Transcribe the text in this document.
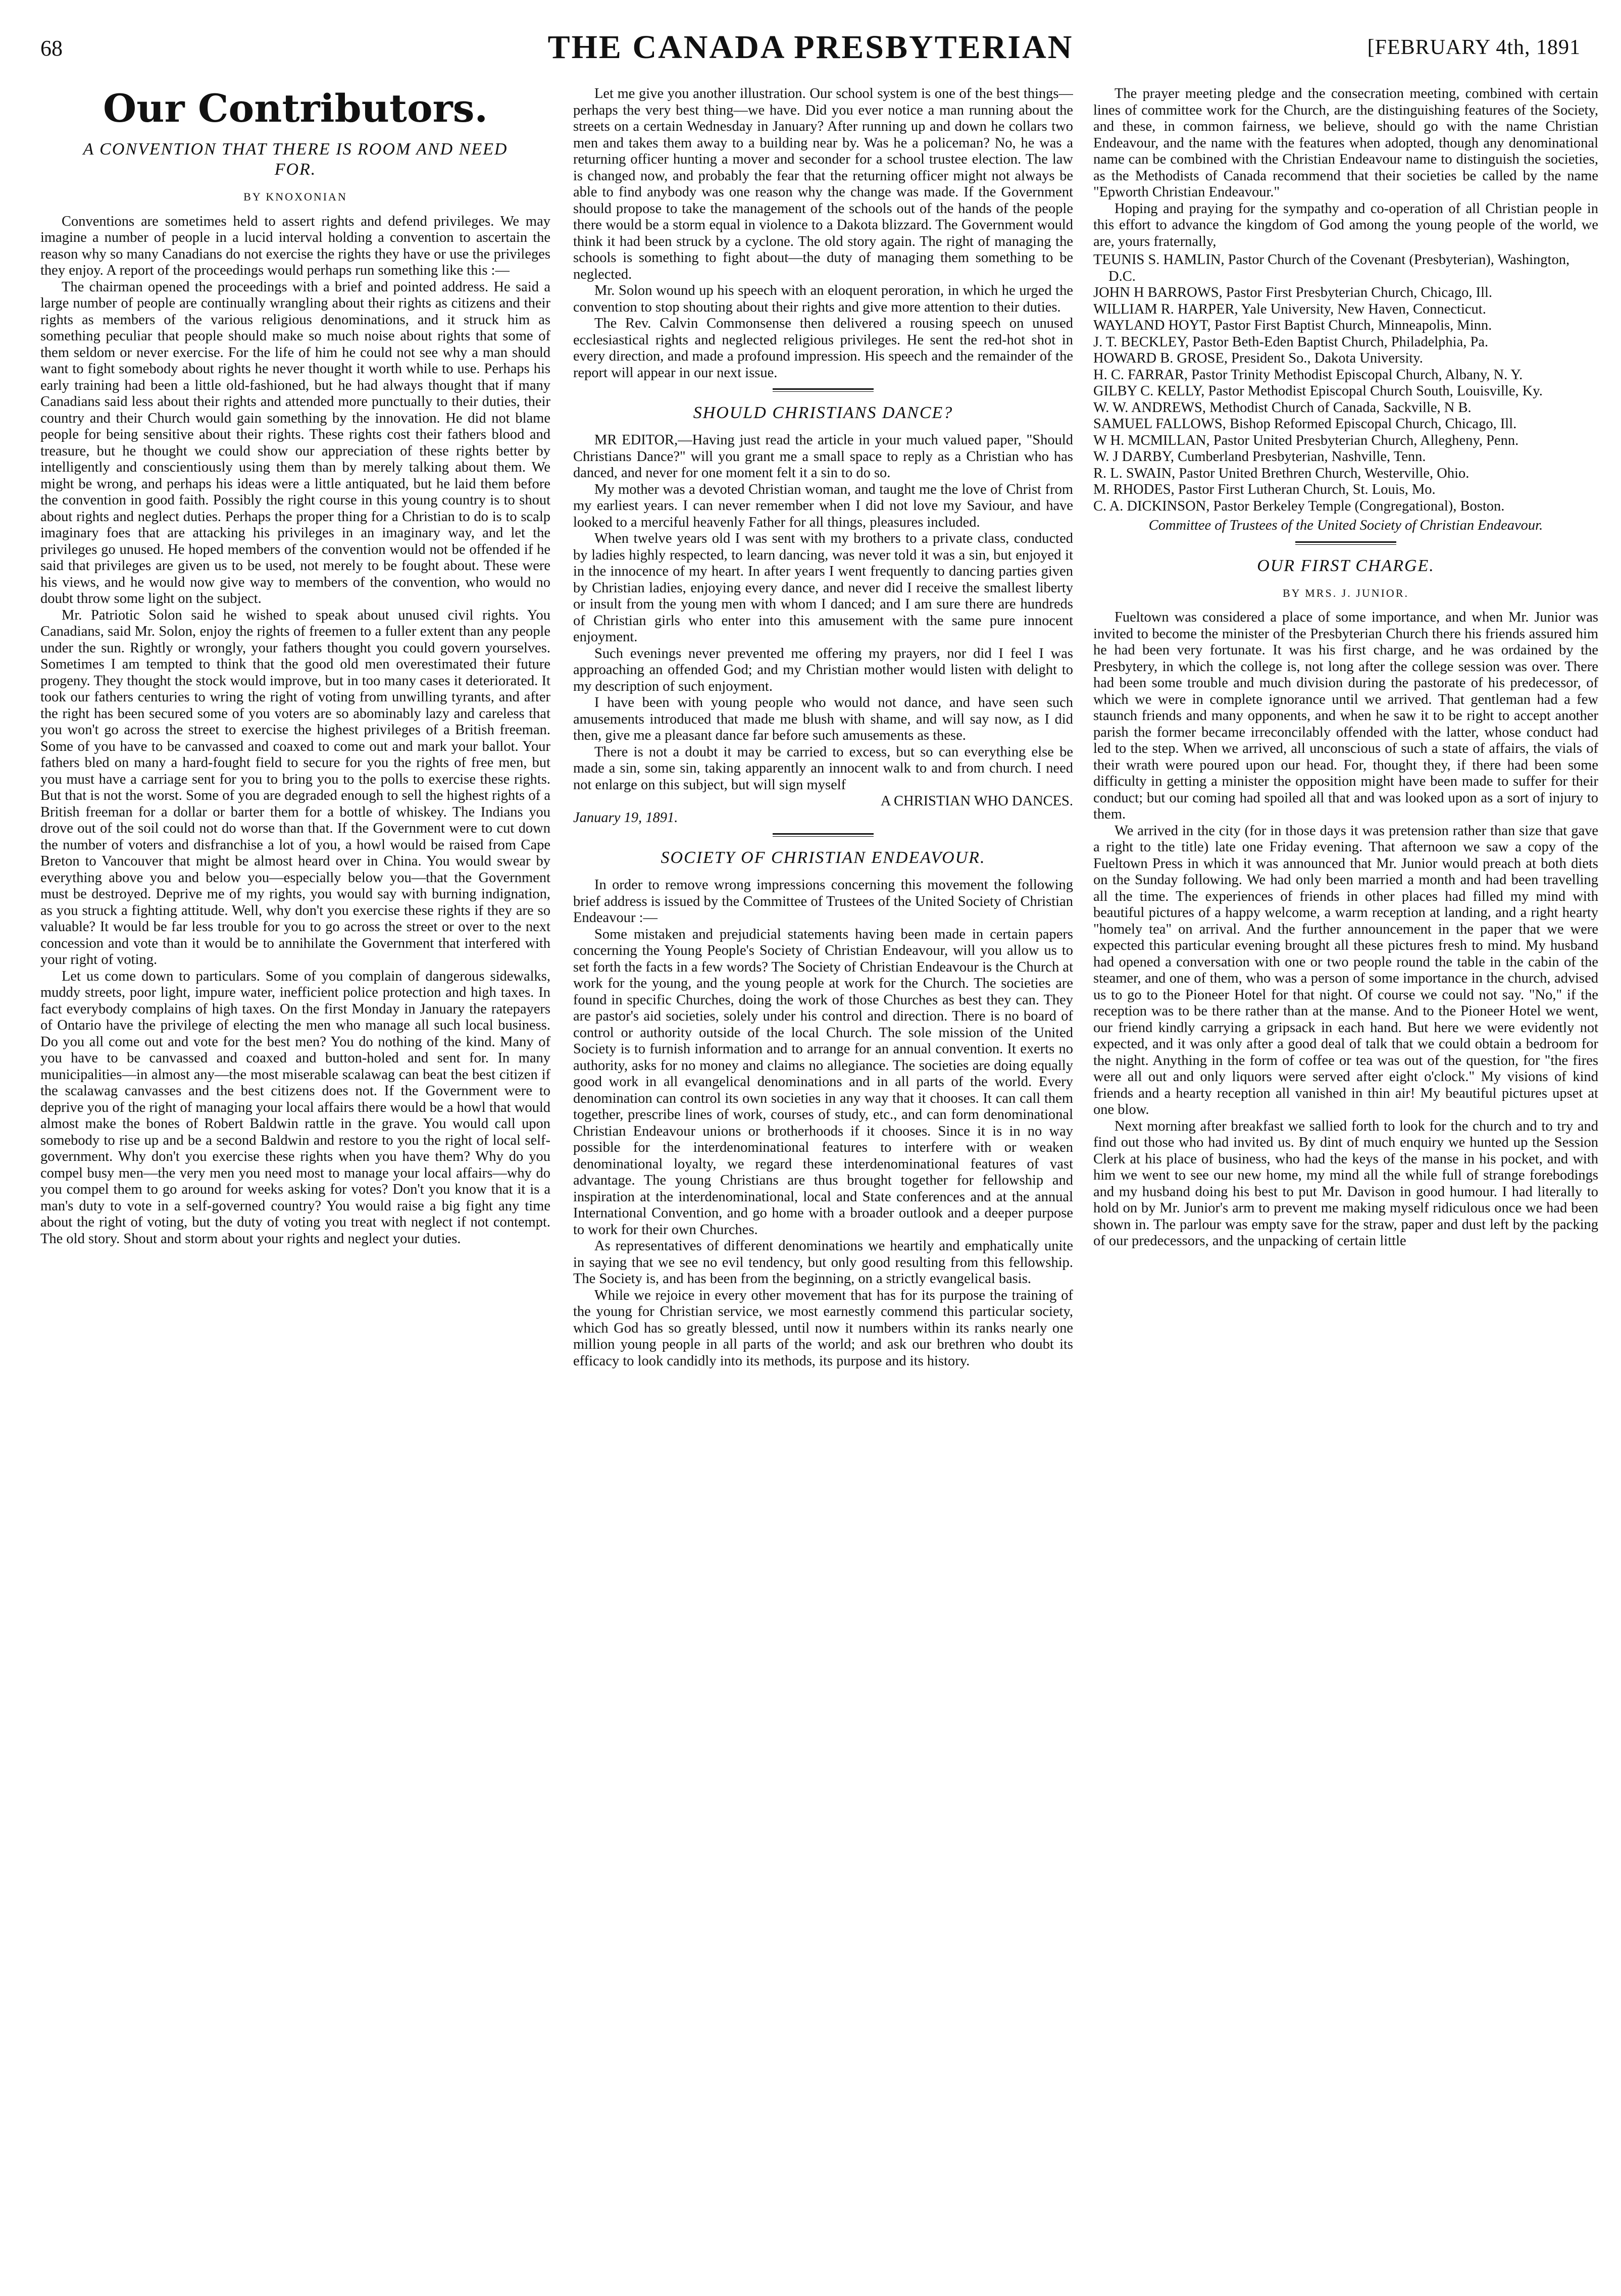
68	THE CANADA PRESBYTERIAN	[FEBRUARY 4th, 1891
Our Contributors.
A CONVENTION THAT THERE IS ROOM AND NEED FOR.
BY KNOXONIAN

Conventions are sometimes held to assert rights and defend privileges. We may imagine a number of people in a lucid interval holding a convention to ascertain the reason why so many Canadians do not exercise the rights they have or use the privileges they enjoy. A report of the proceedings would perhaps run something like this :—

The chairman opened the proceedings with a brief and pointed address. He said a large number of people are continually wrangling about their rights as citizens and their rights as members of the various religious denominations, and it struck him as something peculiar that people should make so much noise about rights that some of them seldom or never exercise. For the life of him he could not see why a man should want to fight somebody about rights he never thought it worth while to use. Perhaps his early training had been a little old-fashioned, but he had always thought that if many Canadians said less about their rights and attended more punctually to their duties, their country and their Church would gain something by the innovation. He did not blame people for being sensitive about their rights. These rights cost their fathers blood and treasure, but he thought we could show our appreciation of these rights better by intelligently and conscientiously using them than by merely talking about them. We might be wrong, and perhaps his ideas were a little antiquated, but he laid them before the convention in good faith. Possibly the right course in this young country is to shout about rights and neglect duties. Perhaps the proper thing for a Christian to do is to scalp imaginary foes that are attacking his privileges in an imaginary way, and let the privileges go unused. He hoped members of the convention would not be offended if he said that privileges are given us to be used, not merely to be fought about. These were his views, and he would now give way to members of the convention, who would no doubt throw some light on the subject.

Mr. Patriotic Solon said he wished to speak about unused civil rights. You Canadians, said Mr. Solon, enjoy the rights of freemen to a fuller extent than any people under the sun. Rightly or wrongly, your fathers thought you could govern yourselves. Sometimes I am tempted to think that the good old men overestimated their future progeny. They thought the stock would improve, but in too many cases it deteriorated. It took our fathers centuries to wring the right of voting from unwilling tyrants, and after the right has been secured some of you voters are so abominably lazy and careless that you won't go across the street to exercise the highest privileges of a British freeman. Some of you have to be canvassed and coaxed to come out and mark your ballot. Your fathers bled on many a hard-fought field to secure for you the rights of free men, but you must have a carriage sent for you to bring you to the polls to exercise these rights. But that is not the worst. Some of you are degraded enough to sell the highest rights of a British freeman for a dollar or barter them for a bottle of whiskey. The Indians you drove out of the soil could not do worse than that. If the Government were to cut down the number of voters and disfranchise a lot of you, a howl would be raised from Cape Breton to Vancouver that might be almost heard over in China. You would swear by everything above you and below you—especially below you—that the Government must be destroyed. Deprive me of my rights, you would say with burning indignation, as you struck a fighting attitude. Well, why don't you exercise these rights if they are so valuable? It would be far less trouble for you to go across the street or over to the next concession and vote than it would be to annihilate the Government that interfered with your right of voting.

Let us come down to particulars. Some of you complain of dangerous sidewalks, muddy streets, poor light, impure water, inefficient police protection and high taxes. In fact everybody complains of high taxes. On the first Monday in January the ratepayers of Ontario have the privilege of electing the men who manage all such local business. Do you all come out and vote for the best men? You do nothing of the kind. Many of you have to be canvassed and coaxed and button-holed and sent for. In many municipalities—in almost any—the most miserable scalawag can beat the best citizen if the scalawag canvasses and the best citizens does not. If the Government were to deprive you of the right of managing your local affairs there would be a howl that would almost make the bones of Robert Baldwin rattle in the grave. You would call upon somebody to rise up and be a second Baldwin and restore to you the right of local self-government. Why don't you exercise these rights when you have them? Why do you compel busy men—the very men you need most to manage your local affairs—why do you compel them to go around for weeks asking for votes? Don't you know that it is a man's duty to vote in a self-governed country? You would raise a big fight any time about the right of voting, but the duty of voting you treat with neglect if not contempt. The old story. Shout and storm about your rights and neglect your duties.

Let me give you another illustration. Our school system is one of the best things—perhaps the very best thing—we have. Did you ever notice a man running about the streets on a certain Wednesday in January? After running up and down he collars two men and takes them away to a building near by. Was he a policeman? No, he was a returning officer hunting a mover and seconder for a school trustee election. The law is changed now, and probably the fear that the returning officer might not always be able to find anybody was one reason why the change was made. If the Government should propose to take the management of the schools out of the hands of the people there would be a storm equal in violence to a Dakota blizzard. The Government would think it had been struck by a cyclone. The old story again. The right of managing the schools is something to fight about—the duty of managing them something to be neglected.

Mr. Solon wound up his speech with an eloquent peroration, in which he urged the convention to stop shouting about their rights and give more attention to their duties.

The Rev. Calvin Commonsense then delivered a rousing speech on unused ecclesiastical rights and neglected religious privileges. He sent the red-hot shot in every direction, and made a profound impression. His speech and the remainder of the report will appear in our next issue.

SHOULD CHRISTIANS DANCE?

MR EDITOR,—Having just read the article in your much valued paper, "Should Christians Dance?" will you grant me a small space to reply as a Christian who has danced, and never for one moment felt it a sin to do so.

My mother was a devoted Christian woman, and taught me the love of Christ from my earliest years. I can never remember when I did not love my Saviour, and have looked to a merciful heavenly Father for all things, pleasures included.

When twelve years old I was sent with my brothers to a private class, conducted by ladies highly respected, to learn dancing, was never told it was a sin, but enjoyed it in the innocence of my heart. In after years I went frequently to dancing parties given by Christian ladies, enjoying every dance, and never did I receive the smallest liberty or insult from the young men with whom I danced; and I am sure there are hundreds of Christian girls who enter into this amusement with the same pure innocent enjoyment.

Such evenings never prevented me offering my prayers, nor did I feel I was approaching an offended God; and my Christian mother would listen with delight to my description of such enjoyment.

I have been with young people who would not dance, and have seen such amusements introduced that made me blush with shame, and will say now, as I did then, give me a pleasant dance far before such amusements as these.

There is not a doubt it may be carried to excess, but so can everything else be made a sin, some sin, taking apparently an innocent walk to and from church. I need not enlarge on this subject, but will sign myself

A CHRISTIAN WHO DANCES.

January 19, 1891.

SOCIETY OF CHRISTIAN ENDEAVOUR.

In order to remove wrong impressions concerning this movement the following brief address is issued by the Committee of Trustees of the United Society of Christian Endeavour :—

Some mistaken and prejudicial statements having been made in certain papers concerning the Young People's Society of Christian Endeavour, will you allow us to set forth the facts in a few words? The Society of Christian Endeavour is the Church at work for the young, and the young people at work for the Church. The societies are found in specific Churches, doing the work of those Churches as best they can. They are pastor's aid societies, solely under his control and direction. There is no board of control or authority outside of the local Church. The sole mission of the United Society is to furnish information and to arrange for an annual convention. It exerts no authority, asks for no money and claims no allegiance. The societies are doing equally good work in all evangelical denominations and in all parts of the world. Every denomination can control its own societies in any way that it chooses. It can call them together, prescribe lines of work, courses of study, etc., and can form denominational Christian Endeavour unions or brotherhoods if it chooses. Since it is in no way possible for the interdenominational features to interfere with or weaken denominational loyalty, we regard these interdenominational features of vast advantage. The young Christians are thus brought together for fellowship and inspiration at the interdenominational, local and State conferences and at the annual International Convention, and go home with a broader outlook and a deeper purpose to work for their own Churches.

As representatives of different denominations we heartily and emphatically unite in saying that we see no evil tendency, but only good resulting from this fellowship. The Society is, and has been from the beginning, on a strictly evangelical basis.

While we rejoice in every other movement that has for its purpose the training of the young for Christian service, we most earnestly commend this particular society, which God has so greatly blessed, until now it numbers within its ranks nearly one million young people in all parts of the world; and ask our brethren who doubt its efficacy to look candidly into its methods, its purpose and its history.

The prayer meeting pledge and the consecration meeting, combined with certain lines of committee work for the Church, are the distinguishing features of the Society, and these, in common fairness, we believe, should go with the name Christian Endeavour, and the name with the features when adopted, though any denominational name can be combined with the Christian Endeavour name to distinguish the societies, as the Methodists of Canada recommend that their societies be called by the name "Epworth Christian Endeavour."

Hoping and praying for the sympathy and co-operation of all Christian people in this effort to advance the kingdom of God among the young people of the world, we are, yours fraternally,

TEUNIS S. HAMLIN, Pastor Church of the Covenant (Presbyterian), Washington, D.C.

JOHN H BARROWS, Pastor First Presbyterian Church, Chicago, Ill.

WILLIAM R. HARPER, Yale University, New Haven, Connecticut.

WAYLAND HOYT, Pastor First Baptist Church, Minneapolis, Minn.

J. T. BECKLEY, Pastor Beth-Eden Baptist Church, Philadelphia, Pa.

HOWARD B. GROSE, President So., Dakota University.

H. C. FARRAR, Pastor Trinity Methodist Episcopal Church, Albany, N. Y.

GILBY C. KELLY, Pastor Methodist Episcopal Church South, Louisville, Ky.

W. W. ANDREWS, Methodist Church of Canada, Sackville, N B.

SAMUEL FALLOWS, Bishop Reformed Episcopal Church, Chicago, Ill.

W H. MCMILLAN, Pastor United Presbyterian Church, Allegheny, Penn.

W. J DARBY, Cumberland Presbyterian, Nashville, Tenn.

R. L. SWAIN, Pastor United Brethren Church, Westerville, Ohio.

M. RHODES, Pastor First Lutheran Church, St. Louis, Mo.

C. A. DICKINSON, Pastor Berkeley Temple (Congregational), Boston.

Committee of Trustees of the United Society of Christian Endeavour.

OUR FIRST CHARGE.
BY MRS. J. JUNIOR.

Fueltown was considered a place of some importance, and when Mr. Junior was invited to become the minister of the Presbyterian Church there his friends assured him he had been very fortunate. It was his first charge, and he was ordained by the Presbytery, in which the college is, not long after the college session was over. There had been some trouble and much division during the pastorate of his predecessor, of which we were in complete ignorance until we arrived. That gentleman had a few staunch friends and many opponents, and when he saw it to be right to accept another parish the former became irreconcilably offended with the latter, whose conduct had led to the step. When we arrived, all unconscious of such a state of affairs, the vials of their wrath were poured upon our head. For, thought they, if there had been some difficulty in getting a minister the opposition might have been made to suffer for their conduct; but our coming had spoiled all that and was looked upon as a sort of injury to them.

We arrived in the city (for in those days it was pretension rather than size that gave a right to the title) late one Friday evening. That afternoon we saw a copy of the Fueltown Press in which it was announced that Mr. Junior would preach at both diets on the Sunday following. We had only been married a month and had been travelling all the time. The experiences of friends in other places had filled my mind with beautiful pictures of a happy welcome, a warm reception at landing, and a right hearty "homely tea" on arrival. And the further announcement in the paper that we were expected this particular evening brought all these pictures fresh to mind. My husband had opened a conversation with one or two people round the table in the cabin of the steamer, and one of them, who was a person of some importance in the church, advised us to go to the Pioneer Hotel for that night. Of course we could not say. "No," if the reception was to be there rather than at the manse. And to the Pioneer Hotel we went, our friend kindly carrying a gripsack in each hand. But here we were evidently not expected, and it was only after a good deal of talk that we could obtain a bedroom for the night. Anything in the form of coffee or tea was out of the question, for "the fires were all out and only liquors were served after eight o'clock." My visions of kind friends and a hearty reception all vanished in thin air! My beautiful pictures upset at one blow.

Next morning after breakfast we sallied forth to look for the church and to try and find out those who had invited us. By dint of much enquiry we hunted up the Session Clerk at his place of business, who had the keys of the manse in his pocket, and with him we went to see our new home, my mind all the while full of strange forebodings and my husband doing his best to put Mr. Davison in good humour. I had literally to hold on by Mr. Junior's arm to prevent me making myself ridiculous once we had been shown in. The parlour was empty save for the straw, paper and dust left by the packing of our predecessors, and the unpacking of certain little
